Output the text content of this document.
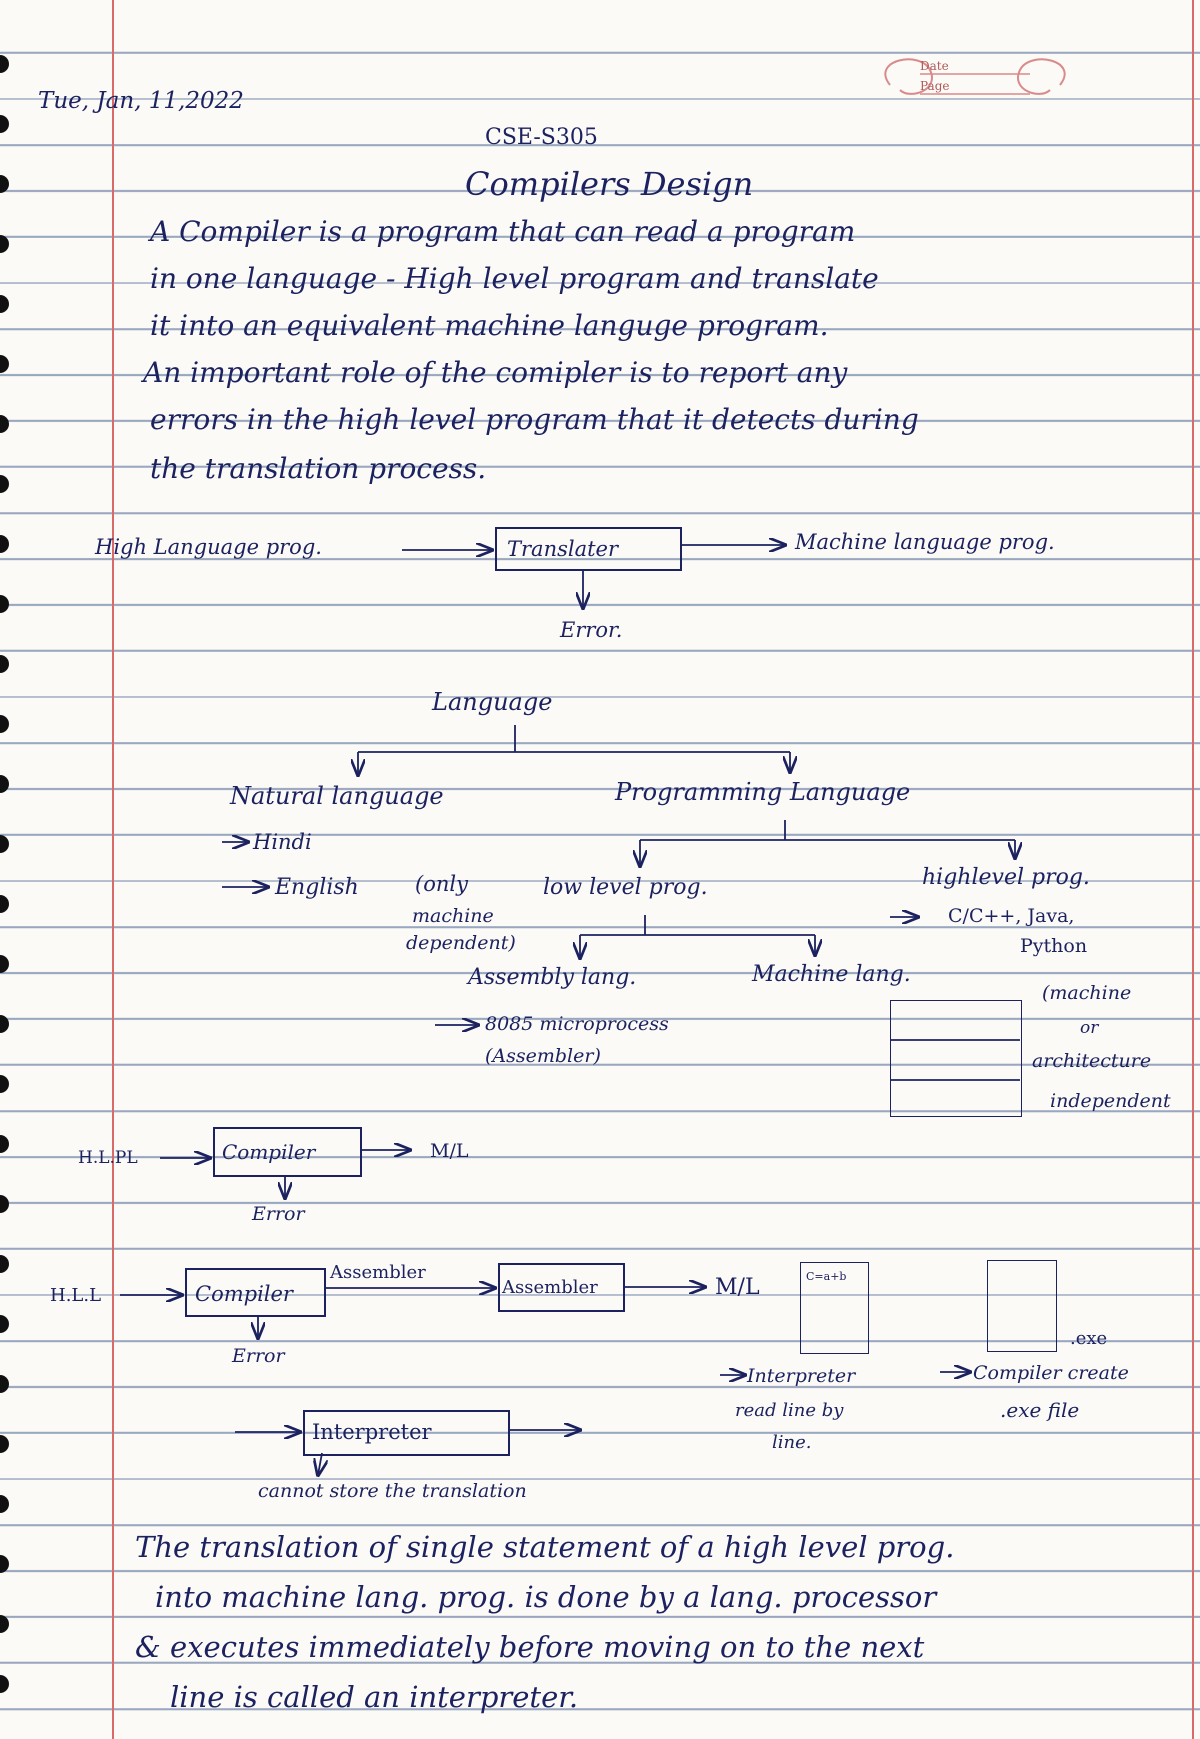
Date
Page
Tue, Jan, 11,2022
CSE-S305
Compilers Design
A Compiler is a program that can read a program
in one language - High level program and translate
it into an equivalent machine languge program.
An important role of the comipler is to report any
errors in the high level program that it detects during
the translation process.
High Language prog.	Translater	Machine language prog.
Error.
Language
Natural language	Programming Language
Hindi
English	(only
machine
dependent)
low level prog.	highlevel prog.
C/C++, Java,
Python
Assembly lang.	Machine lang.
8085 microprocess
(Assembler)
(machine
or
architecture
independent
H.L.PL	Compiler	M/L
Error
H.L.L	Compiler
Assembler
Assembler	M/L	C=a+b
.exe
Error
Interpreter
read line by
line.
Compiler create
.exe file
Interpreter
cannot store the translation
The translation of single statement of a high level prog.
into machine lang. prog. is done by a lang. processor
& executes immediately before moving on to the next
line is called an interpreter.
